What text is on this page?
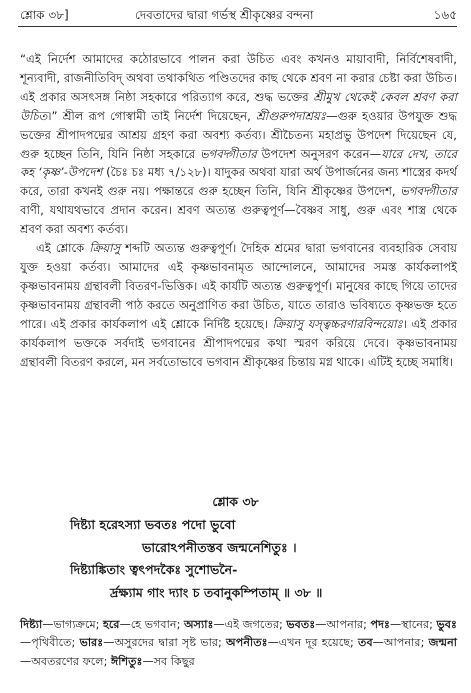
শ্লোক ৩৮]	দেবতাদের দ্বারা গর্ভস্থ শ্রীকৃষ্ণের বন্দনা	১৬৫

“এই নির্দেশ আমাদের কঠোরভাবে পালন করা উচিত এবং কখনও মায়াবাদী, নির্বিশেষবাদী, শূন্যবাদী, রাজনীতিবিদ্ অথবা তথাকথিত পণ্ডিতদের কাছ থেকে শ্রবণ না করার চেষ্টা করা উচিত। এই প্রকার অসৎসঙ্গ নিষ্ঠা সহকারে পরিত্যাগ করে, শুদ্ধ ভক্তের শ্রীমুখ থেকেই কেবল শ্রবণ করা উচিত।” শ্রীল রূপ গোস্বামী তাই নির্দেশ দিয়েছেন, শ্রীগুরুপদাশ্রয়ঃ—গুরু হওয়ার উপযুক্ত শুদ্ধ ভক্তের শ্রীপাদপদ্মের আশ্রয় গ্রহণ করা অবশ্য কর্তব্য। শ্রীচৈতন্য মহাপ্রভু উপদেশ দিয়েছেন যে, গুরু হচ্ছেন তিনি, যিনি নিষ্ঠা সহকারে ভগবদ্গীতার উপদেশ অনুসরণ করেন—যারে দেখ, তারে কহ ‘কৃষ্ণ’-উপদেশ (চৈঃ চঃ মধ্য ৭/১২৮)। যাদুকর অথবা যারা অর্থ উপার্জনের জন্য শাস্ত্রের কদর্থ করে, তারা কখনই গুরু নয়। পক্ষান্তরে গুরু হচ্ছেন তিনি, যিনি শ্রীকৃষ্ণের উপদেশ, ভগবদ্গীতার বাণী, যথাযথভাবে প্রদান করেন। শ্রবণ অত্যন্ত গুরুত্বপূর্ণ—বৈষ্ণব সাধু, গুরু এবং শাস্ত্র থেকে শ্রবণ করা অবশ্য কর্তব্য।

এই শ্লোকে ক্রিয়াসু শব্দটি অত্যন্ত গুরুত্বপূর্ণ। দৈহিক শ্রমের দ্বারা ভগবানের ব্যবহারিক সেবায় যুক্ত হওয়া কর্তব্য। আমাদের এই কৃষ্ণভাবনামৃত আন্দোলনে, আমাদের সমস্ত কার্যকলাপই কৃষ্ণভাবনাময় গ্রন্থাবলী বিতরণ-ভিত্তিক। এই কার্যটি অত্যন্ত গুরুত্বপূর্ণ। মানুষের কাছে গিয়ে তাদের কৃষ্ণভাবনাময় গ্রন্থাবলী পাঠ করতে অনুপ্রাণিত করা উচিত, যাতে তারাও ভবিষ্যতে কৃষ্ণভক্ত হতে পারে। এই প্রকার কার্যকলাপ এই শ্লোকে নির্দিষ্ট হয়েছে। ক্রিয়াসু যস্ত্বচ্চরণারবিন্দয়োঃ। এই প্রকার কার্যকলাপ ভক্তকে সর্বদাই ভগবানের শ্রীপাদপদ্মের কথা স্মরণ করিয়ে দেবে। কৃষ্ণভাবনাময় গ্রন্থাবলী বিতরণ করলে, মন সর্বতোভাবে ভগবান শ্রীকৃষ্ণের চিন্তায় মগ্ন থাকে। এটিই হচ্ছে সমাধি।

শ্লোক ৩৮
দিষ্ট্যা হরেঽস্যা ভবতঃ পদো ভুবো
ভারোঽপনীতস্তব জন্মনেশিতুঃ ।
দিষ্ট্যাঙ্কিতাং ত্বৎপদকৈঃ সুশোভনৈ-
র্দ্রক্ষ্যাম গাং দ্যাং চ তবানুকম্পিতাম্ ॥ ৩৮ ॥
দিষ্ট্যা—ভাগ্যক্রমে; হরে—হে ভগবান; অস্যাঃ—এই জগতের; ভবতঃ—আপনার; পদঃ—স্থানের; ভুবঃ—পৃথিবীতে; ভারঃ—অসুরদের দ্বারা সৃষ্ট ভার; অপনীতঃ—এখন দূর হয়েছে; তব—আপনার; জন্মনা—অবতরণের ফলে; ঈশিতুঃ—সব কিছুর
